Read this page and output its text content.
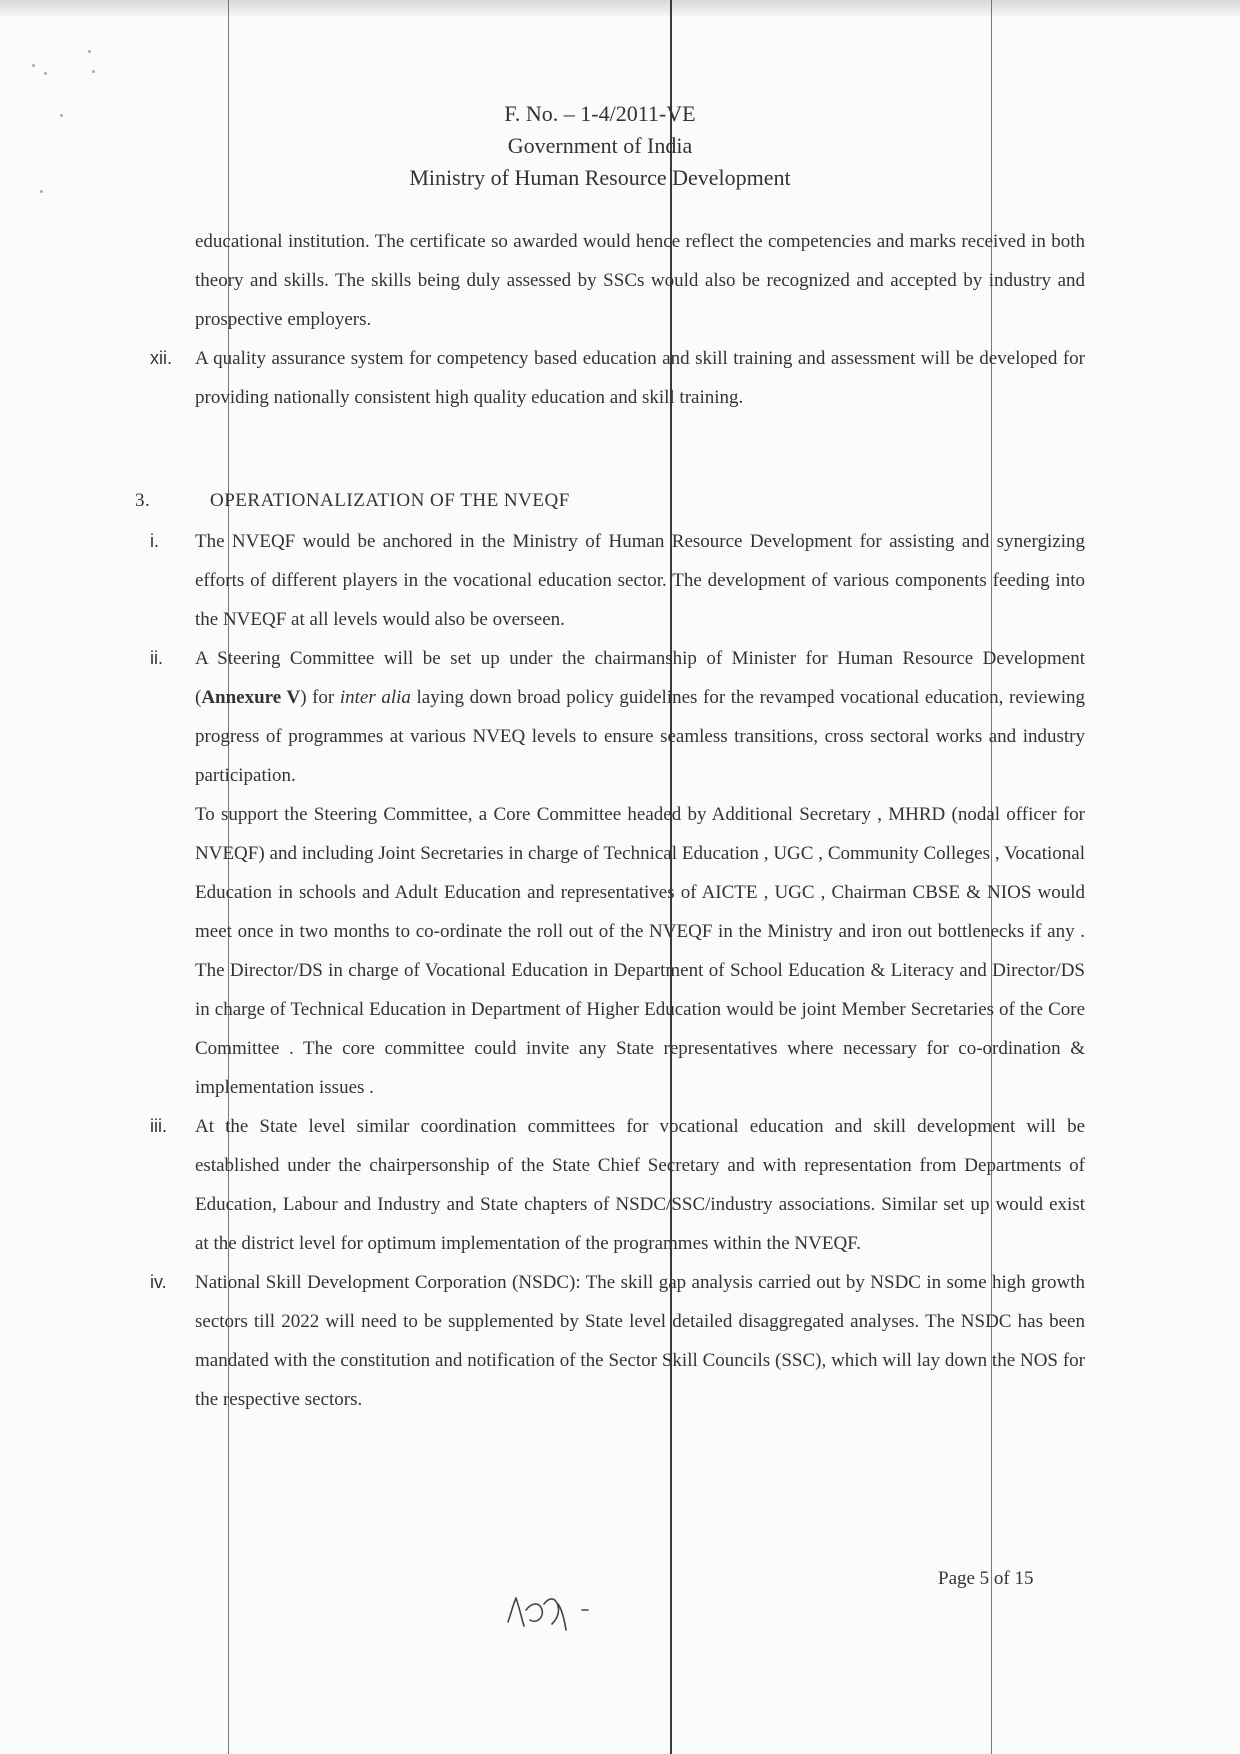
F. No. – 1-4/2011-VE
Government of India
Ministry of Human Resource Development
educational institution. The certificate so awarded would hence reflect the competencies and marks received in both theory and skills. The skills being duly assessed by SSCs would also be recognized and accepted by industry and prospective employers.
xii.	A quality assurance system for competency based education and skill training and assessment will be developed for providing nationally consistent high quality education and skill training.
3.	OPERATIONALIZATION OF THE NVEQF
i.	The NVEQF would be anchored in the Ministry of Human Resource Development for assisting and synergizing efforts of different players in the vocational education sector. The development of various components feeding into the NVEQF at all levels would also be overseen.
ii.	A Steering Committee will be set up under the chairmanship of Minister for Human Resource Development (Annexure V) for inter alia laying down broad policy guidelines for the revamped vocational education, reviewing progress of programmes at various NVEQ levels to ensure seamless transitions, cross sectoral works and industry participation.
To support the Steering Committee, a Core Committee headed by Additional Secretary , MHRD (nodal officer for NVEQF) and including Joint Secretaries in charge of Technical Education , UGC , Community Colleges , Vocational Education in schools and Adult Education and representatives of AICTE , UGC , Chairman CBSE & NIOS would meet once in two months to co-ordinate the roll out of the NVEQF in the Ministry and iron out bottlenecks if any . The Director/DS in charge of Vocational Education in Department of School Education & Literacy and Director/DS in charge of Technical Education in Department of Higher Education would be joint Member Secretaries of the Core Committee . The core committee could invite any State representatives where necessary for co-ordination & implementation issues .
iii.	At the State level similar coordination committees for vocational education and skill development will be established under the chairpersonship of the State Chief Secretary and with representation from Departments of Education, Labour and Industry and State chapters of NSDC/SSC/industry associations. Similar set up would exist at the district level for optimum implementation of the programmes within the NVEQF.
iv.	National Skill Development Corporation (NSDC): The skill gap analysis carried out by NSDC in some high growth sectors till 2022 will need to be supplemented by State level detailed disaggregated analyses. The NSDC has been mandated with the constitution and notification of the Sector Skill Councils (SSC), which will lay down the NOS for the respective sectors.
Page 5 of 15
